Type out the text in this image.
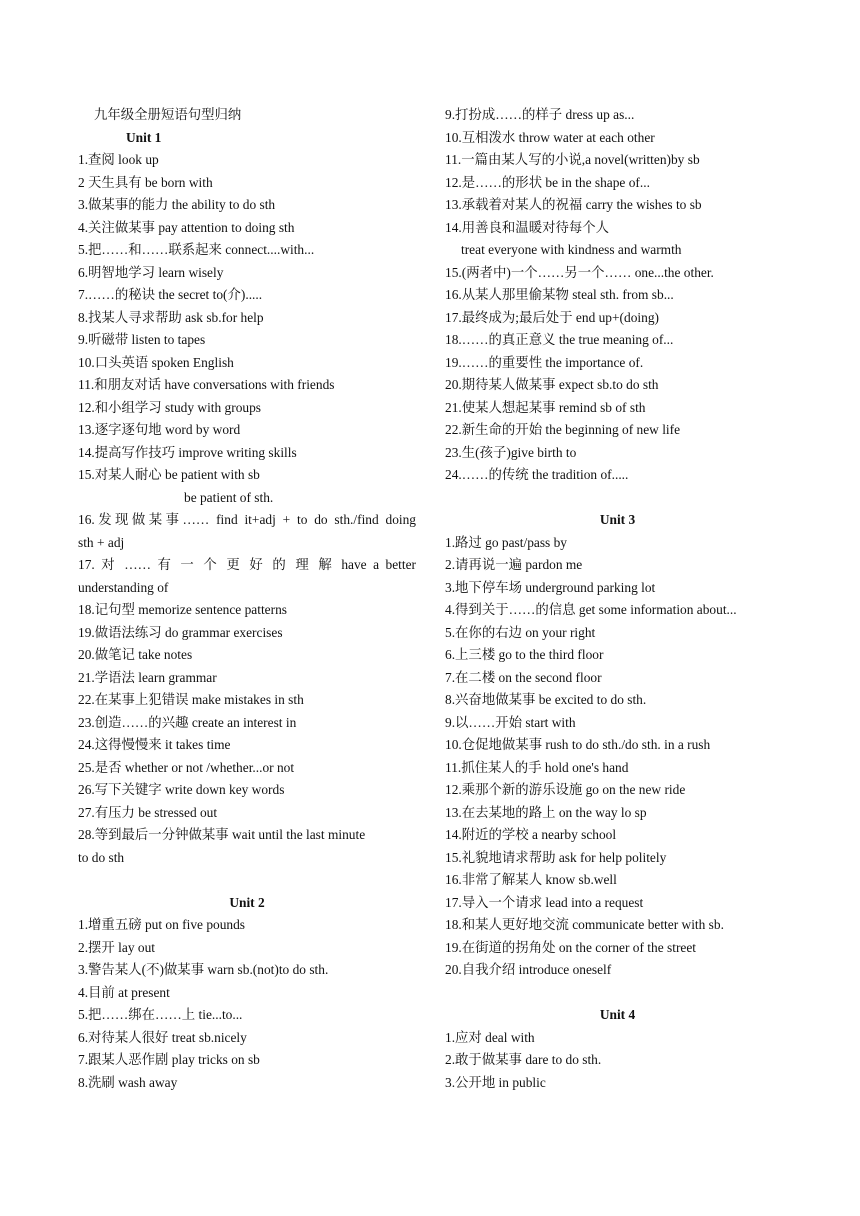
九年级全册短语句型归纳
Unit 1
1.查阅 look up
2 天生具有 be born with
3.做某事的能力 the ability to do sth
4.关注做某事 pay attention to doing sth
5.把……和……联系起来 connect....with...
6.明智地学习 learn wisely
7.……的秘诀 the secret to(介).....
8.找某人寻求帮助 ask sb.for help
9.听磁带 listen to tapes
10.口头英语 spoken English
11.和朋友对话 have conversations with friends
12.和小组学习 study with groups
13.逐字逐句地 word by word
14.提高写作技巧 improve writing skills
15.对某人耐心 be patient with sb
be patient of sth.
16.发现做某事…… find it+adj + to do sth./find doing
sth + adj
17. 对 …… 有 一 个 更 好 的 理 解 have a better
understanding of
18.记句型 memorize sentence patterns
19.做语法练习 do grammar exercises
20.做笔记 take notes
21.学语法 learn grammar
22.在某事上犯错误 make mistakes in sth
23.创造……的兴趣 create an interest in
24.这得慢慢来 it takes time
25.是否 whether or not /whether...or not
26.写下关键字 write down key words
27.有压力 be stressed out
28.等到最后一分钟做某事 wait until the last minute
to do sth
Unit 2
1.增重五磅 put on five pounds
2.摆开 lay out
3.警告某人(不)做某事 warn sb.(not)to do sth.
4.目前 at present
5.把……绑在……上 tie...to...
6.对待某人很好 treat sb.nicely
7.跟某人恶作剧 play tricks on sb
8.洗刷 wash away
9.打扮成……的样子 dress up as...
10.互相泼水 throw water at each other
11.一篇由某人写的小说,a novel(written)by sb
12.是……的形状 be in the shape of...
13.承载着对某人的祝福 carry the wishes to sb
14.用善良和温暖对待每个人
treat everyone with kindness and warmth
15.(两者中)一个……另一个…… one...the other.
16.从某人那里偷某物 steal sth. from sb...
17.最终成为;最后处于 end up+(doing)
18.……的真正意义 the true meaning of...
19.……的重要性 the importance of.
20.期待某人做某事 expect sb.to do sth
21.使某人想起某事 remind sb of sth
22.新生命的开始 the beginning of new life
23.生(孩子)give birth to
24.……的传统 the tradition of.....
Unit 3
1.路过 go past/pass by
2.请再说一遍 pardon me
3.地下停车场 underground parking lot
4.得到关于……的信息 get some information about...
5.在你的右边 on your right
6.上三楼 go to the third floor
7.在二楼 on the second floor
8.兴奋地做某事 be excited to do sth.
9.以……开始 start with
10.仓促地做某事 rush to do sth./do sth. in a rush
11.抓住某人的手 hold one's hand
12.乘那个新的游乐设施 go on the new ride
13.在去某地的路上 on the way lo sp
14.附近的学校 a nearby school
15.礼貌地请求帮助 ask for help politely
16.非常了解某人 know sb.well
17.导入一个请求 lead into a request
18.和某人更好地交流 communicate better with sb.
19.在街道的拐角处 on the corner of the street
20.自我介绍 introduce oneself
Unit 4
1.应对 deal with
2.敢于做某事 dare to do sth.
3.公开地 in public
